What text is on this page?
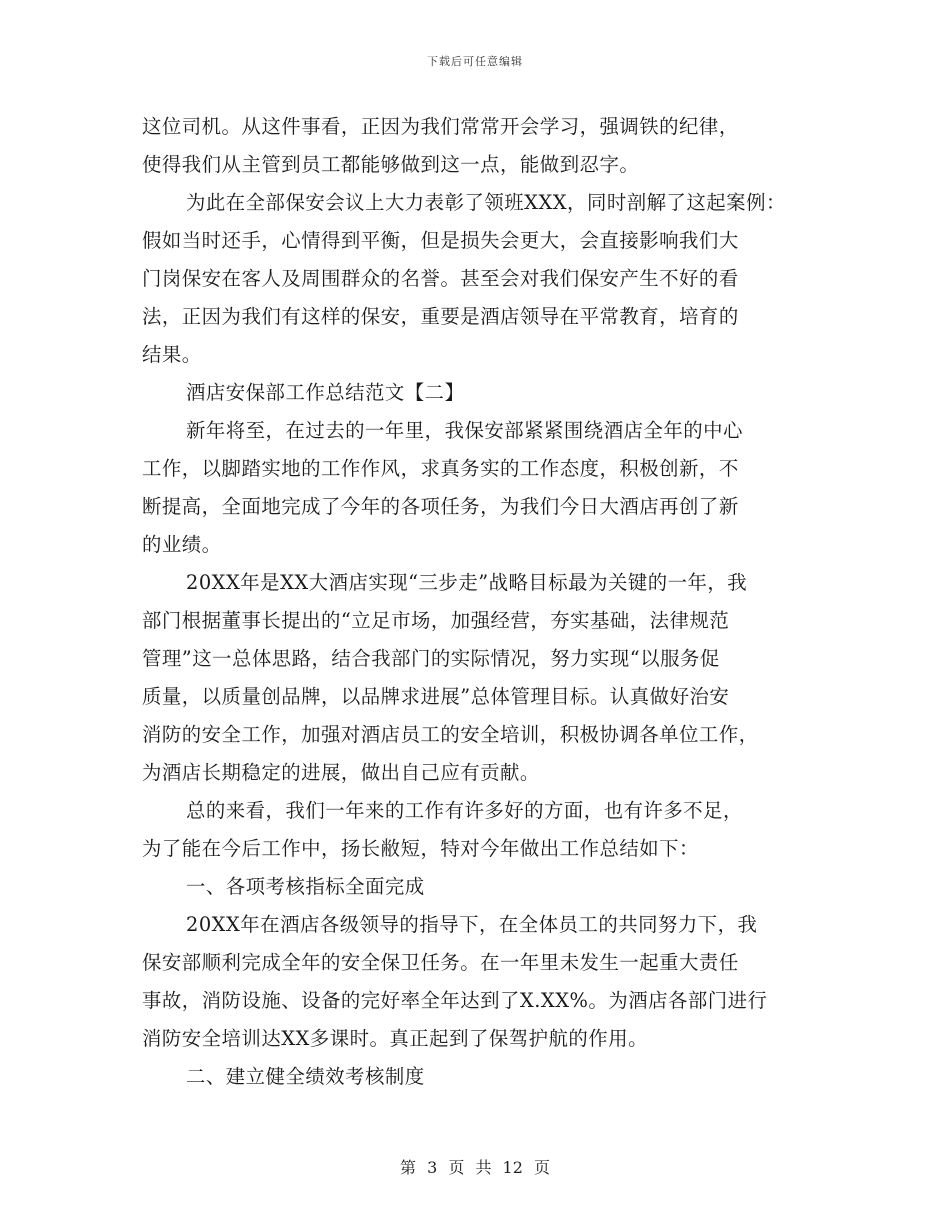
下载后可任意编辑
这位司机。从这件事看，正因为我们常常开会学习，强调铁的纪律，
使得我们从主管到员工都能够做到这一点，能做到忍字。
为此在全部保安会议上大力表彰了领班XXX，同时剖解了这起案例：
假如当时还手，心情得到平衡，但是损失会更大，会直接影响我们大
门岗保安在客人及周围群众的名誉。甚至会对我们保安产生不好的看
法，正因为我们有这样的保安，重要是酒店领导在平常教育，培育的
结果。
酒店安保部工作总结范文【二】
新年将至，在过去的一年里，我保安部紧紧围绕酒店全年的中心
工作，以脚踏实地的工作作风，求真务实的工作态度，积极创新，不
断提高，全面地完成了今年的各项任务，为我们今日大酒店再创了新
的业绩。
20XX年是XX大酒店实现“三步走”战略目标最为关键的一年，我
部门根据董事长提出的“立足市场，加强经营，夯实基础，法律规范
管理”这一总体思路，结合我部门的实际情况，努力实现“以服务促
质量，以质量创品牌，以品牌求进展”总体管理目标。认真做好治安
消防的安全工作，加强对酒店员工的安全培训，积极协调各单位工作，
为酒店长期稳定的进展，做出自己应有贡献。
总的来看，我们一年来的工作有许多好的方面，也有许多不足，
为了能在今后工作中，扬长敝短，特对今年做出工作总结如下：
一、各项考核指标全面完成
20XX年在酒店各级领导的指导下，在全体员工的共同努力下，我
保安部顺利完成全年的安全保卫任务。在一年里未发生一起重大责任
事故，消防设施、设备的完好率全年达到了X.XX%。为酒店各部门进行
消防安全培训达XX多课时。真正起到了保驾护航的作用。
二、建立健全绩效考核制度
第 3 页 共 12 页
